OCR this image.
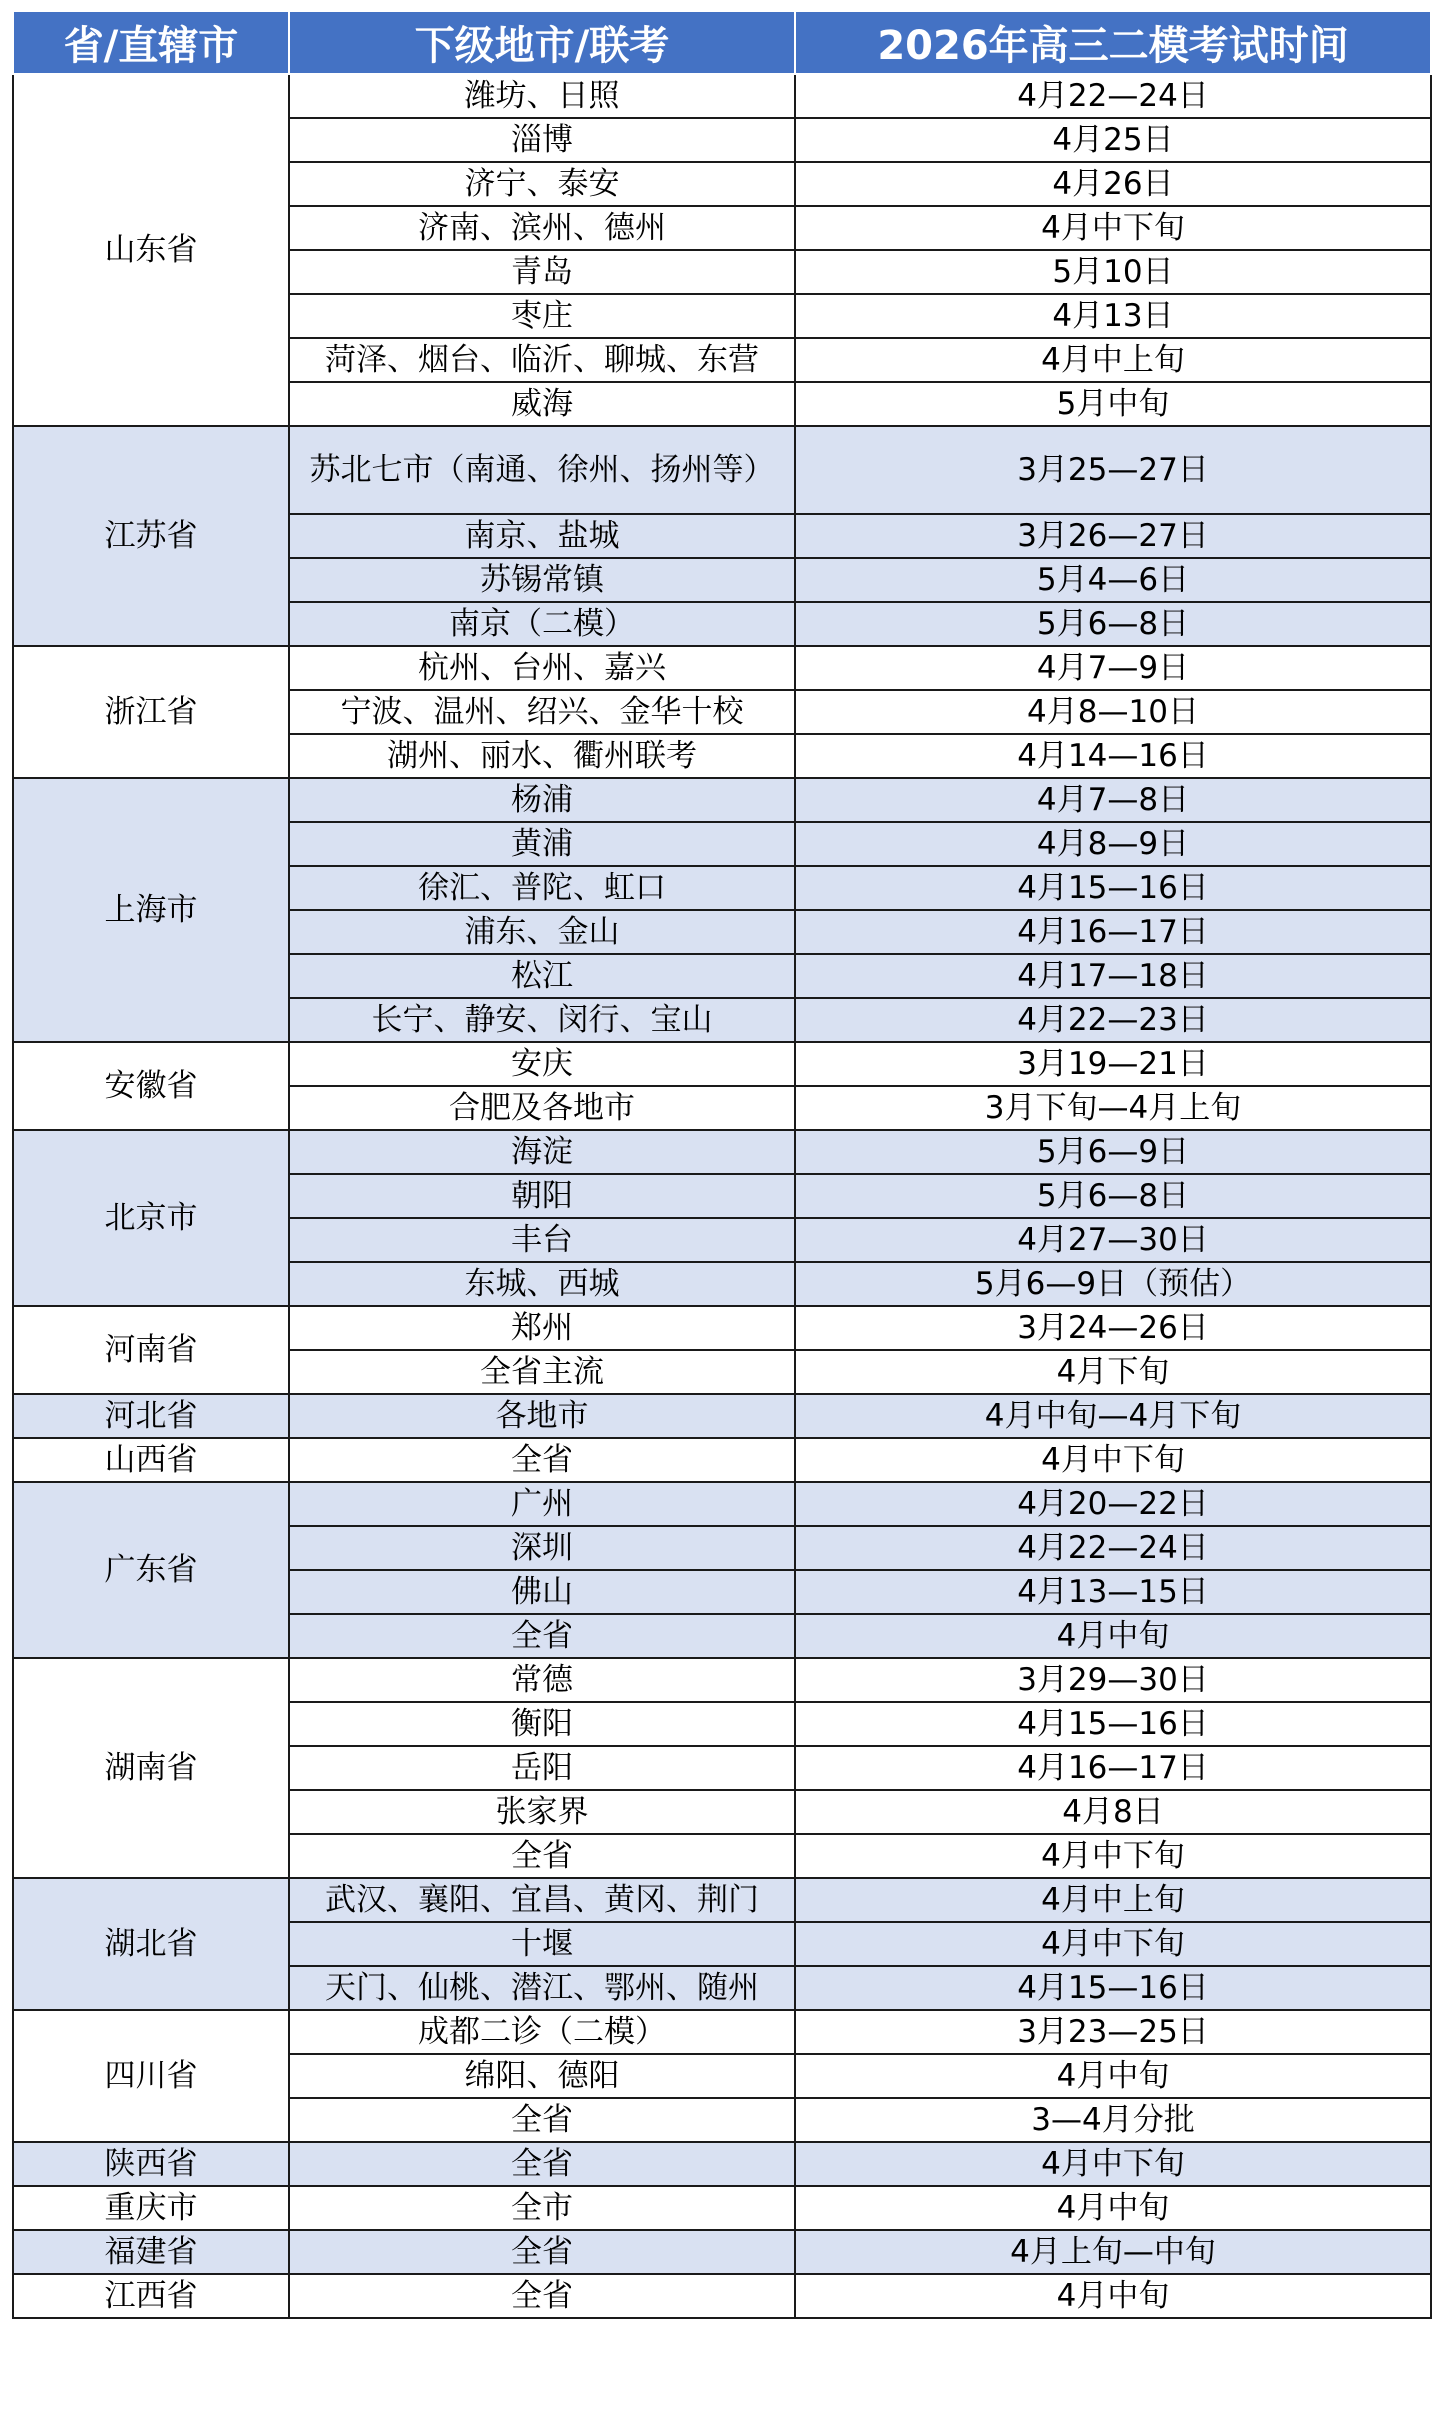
省/直辖市	下级地市/联考	2026年高三二模考试时间
山东省	潍坊、日照	4月22—24日
	淄博	4月25日
	济宁、泰安	4月26日
	济南、滨州、德州	4月中下旬
	青岛	5月10日
	枣庄	4月13日
	菏泽、烟台、临沂、聊城、东营	4月中上旬
	威海	5月中旬
江苏省	苏北七市（南通、徐州、扬州等）	3月25—27日
	南京、盐城	3月26—27日
	苏锡常镇	5月4—6日
	南京（二模）	5月6—8日
浙江省	杭州、台州、嘉兴	4月7—9日
	宁波、温州、绍兴、金华十校	4月8—10日
	湖州、丽水、衢州联考	4月14—16日
上海市	杨浦	4月7—8日
	黄浦	4月8—9日
	徐汇、普陀、虹口	4月15—16日
	浦东、金山	4月16—17日
	松江	4月17—18日
	长宁、静安、闵行、宝山	4月22—23日
安徽省	安庆	3月19—21日
	合肥及各地市	3月下旬—4月上旬
北京市	海淀	5月6—9日
	朝阳	5月6—8日
	丰台	4月27—30日
	东城、西城	5月6—9日（预估）
河南省	郑州	3月24—26日
	全省主流	4月下旬
河北省	各地市	4月中旬—4月下旬
山西省	全省	4月中下旬
广东省	广州	4月20—22日
	深圳	4月22—24日
	佛山	4月13—15日
	全省	4月中旬
湖南省	常德	3月29—30日
	衡阳	4月15—16日
	岳阳	4月16—17日
	张家界	4月8日
	全省	4月中下旬
湖北省	武汉、襄阳、宜昌、黄冈、荆门	4月中上旬
	十堰	4月中下旬
	天门、仙桃、潜江、鄂州、随州	4月15—16日
四川省	成都二诊（二模）	3月23—25日
	绵阳、德阳	4月中旬
	全省	3—4月分批
陕西省	全省	4月中下旬
重庆市	全市	4月中旬
福建省	全省	4月上旬—中旬
江西省	全省	4月中旬
